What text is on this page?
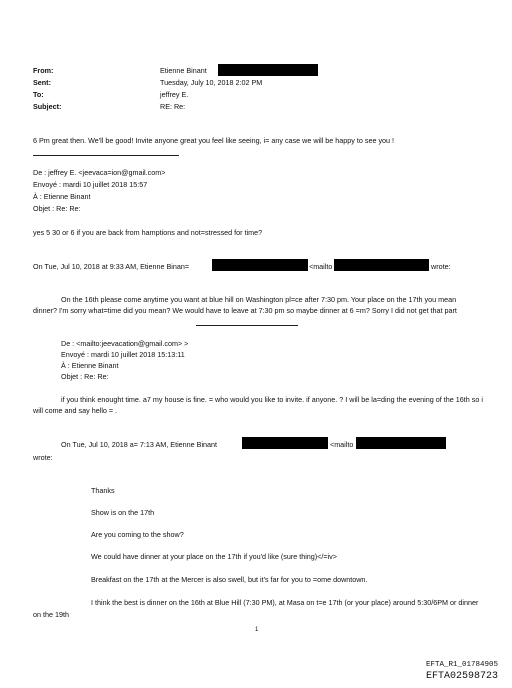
From:	Etienne Binant
Sent:	Tuesday, July 10, 2018 2:02 PM
To:	jeffrey E.
Subject:	RE: Re:
6 Pm great then. We'll be good! Invite anyone great you feel like seeing, i= any case we will be happy to see you !
De : jeffrey E. <jeevaca=ion@gmail.com>
Envoyé : mardi 10 juillet 2018 15:57
À : Etienne Binant
Objet : Re: Re:
yes 5 30 or 6 if you are back from hamptions and not=stressed for time?
On Tue, Jul 10, 2018 at 9:33 AM, Etienne Binan=	<mailto	wrote:
On the 16th please come anytime you want at blue hill on Washington pl=ce after 7:30 pm. Your place on the 17th you mean dinner? I'm sorry what=time did you mean? We would have to leave at 7:30 pm so maybe dinner at 6 =m? Sorry I did not get that part
De : <mailto:jeevacation@gmail.com> >
Envoyé : mardi 10 juillet 2018 15:13:11
À : Etienne Binant
Objet : Re: Re:
if you think enought time. a7 my house is fine. = who would you like to invite. if anyone. ? I will be la=ding the evening of the 16th so i will come and say hello = .
On Tue, Jul 10, 2018 a= 7:13 AM, Etienne Binant	<mailto
wrote:
Thanks
Show is on the 17th
Are you coming to the show?
We could have dinner at your place on the 17th if you'd like (sure thing)</=iv>
Breakfast on the 17th at the Mercer is also swell, but it's far for you to =ome downtown.
I think the best is dinner on the 16th at Blue Hill (7:30 PM), at Masa on t=e 17th (or your place) around 5:30/6PM or dinner on the 19th
1
EFTA_R1_01784905
EFTA02598723
